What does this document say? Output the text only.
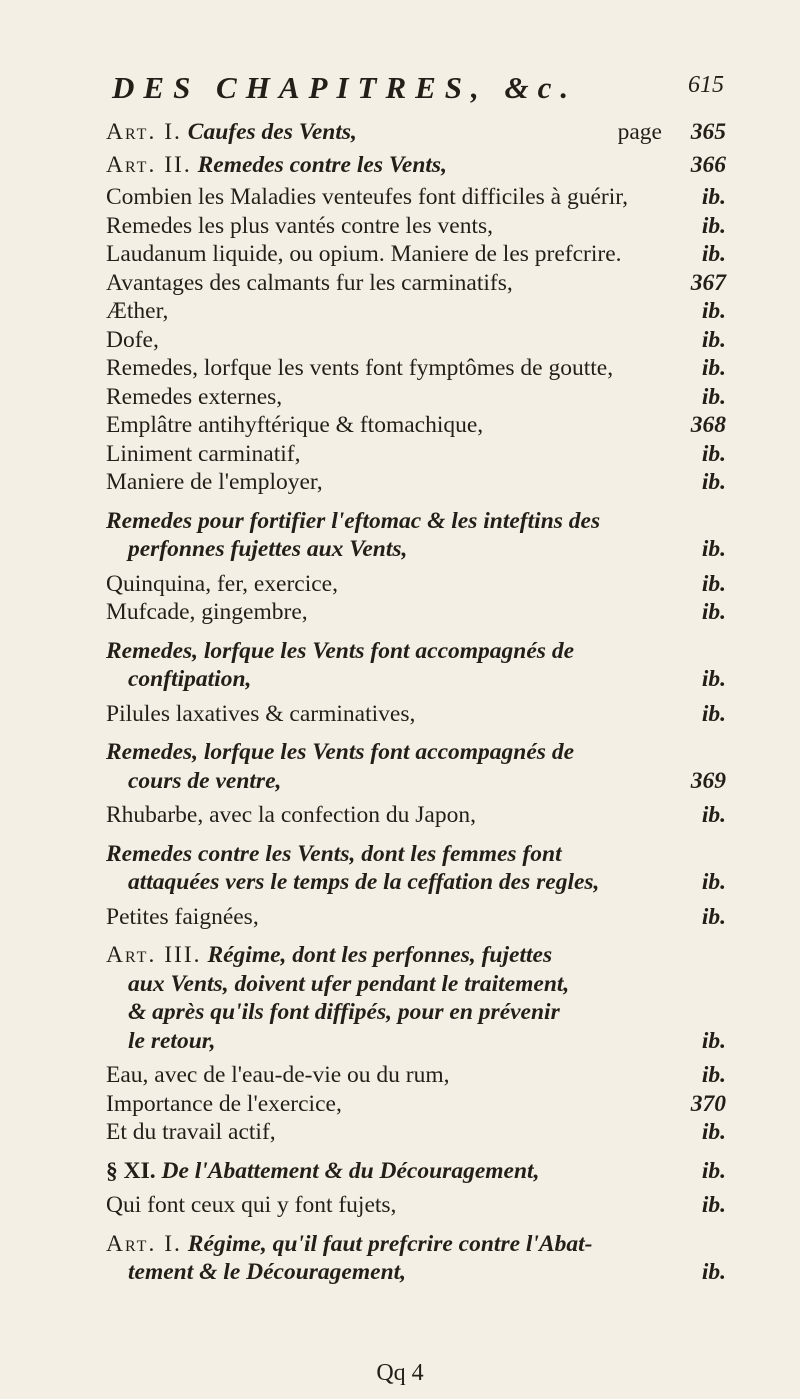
DES CHAPITRES, &c.	615
Art. I. Caufes des Vents,	page	365
Art. II. Remedes contre les Vents,	366
Combien les Maladies venteufes font difficiles à guérir,	ib.
Remedes les plus vantés contre les vents,	ib.
Laudanum liquide, ou opium. Maniere de les prefcrire.	ib.
Avantages des calmants fur les carminatifs,	367
Æther,	ib.
Dofe,	ib.
Remedes, lorfque les vents font fymptômes de goutte,	ib.
Remedes externes,	ib.
Emplâtre antihyftérique & ftomachique,	368
Liniment carminatif,	ib.
Maniere de l'employer,	ib.
Remedes pour fortifier l'eftomac & les inteftins des
perfonnes fujettes aux Vents,	ib.
Quinquina, fer, exercice,	ib.
Mufcade, gingembre,	ib.
Remedes, lorfque les Vents font accompagnés de
conftipation,	ib.
Pilules laxatives & carminatives,	ib.
Remedes, lorfque les Vents font accompagnés de
cours de ventre,	369
Rhubarbe, avec la confection du Japon,	ib.
Remedes contre les Vents, dont les femmes font
attaquées vers le temps de la ceffation des regles,	ib.
Petites faignées,	ib.
Art. III. Régime, dont les perfonnes, fujettes
aux Vents, doivent ufer pendant le traitement,
& après qu'ils font diffipés, pour en prévenir
le retour,	ib.
Eau, avec de l'eau-de-vie ou du rum,	ib.
Importance de l'exercice,	370
Et du travail actif,	ib.
§ XI. De l'Abattement & du Découragement,	ib.
Qui font ceux qui y font fujets,	ib.
Art. I. Régime, qu'il faut prefcrire contre l'Abat-
tement & le Découragement,	ib.
Qq 4
